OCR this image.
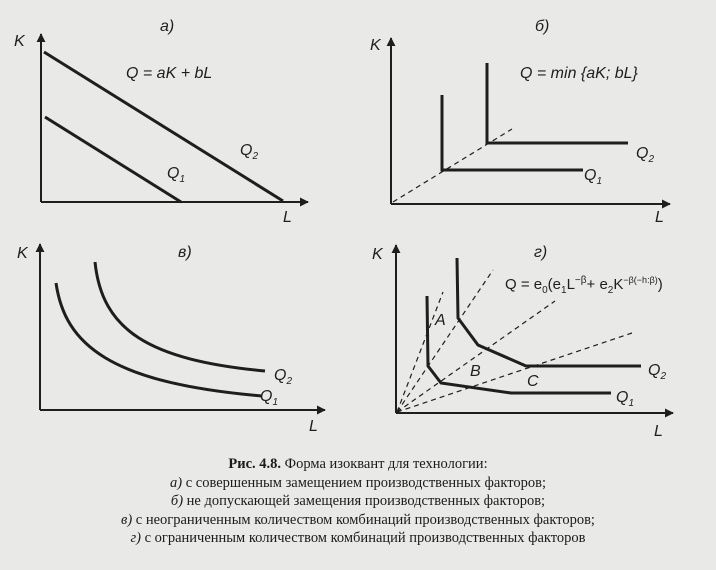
K
L
а)
Q = aK + bL
$Q_1$
$Q_2$
K
L
б)
Q = min {aK; bL}
$Q_1$
$Q_2$
K
L
в)
$Q_1$
$Q_2$
K
L
г)
A
B
C
$Q_1$
$Q_2$
$Q = e_0(e_1L^{-\beta}+ e_2K^{-\beta(-h:\beta)})$
Рис. 4.8. Форма изоквант для технологии:
а) с совершенным замещением производственных факторов;
б) не допускающей замещения производственных факторов;
в) с неограниченным количеством комбинаций производственных факторов;
г) с ограниченным количеством комбинаций производственных факторов
